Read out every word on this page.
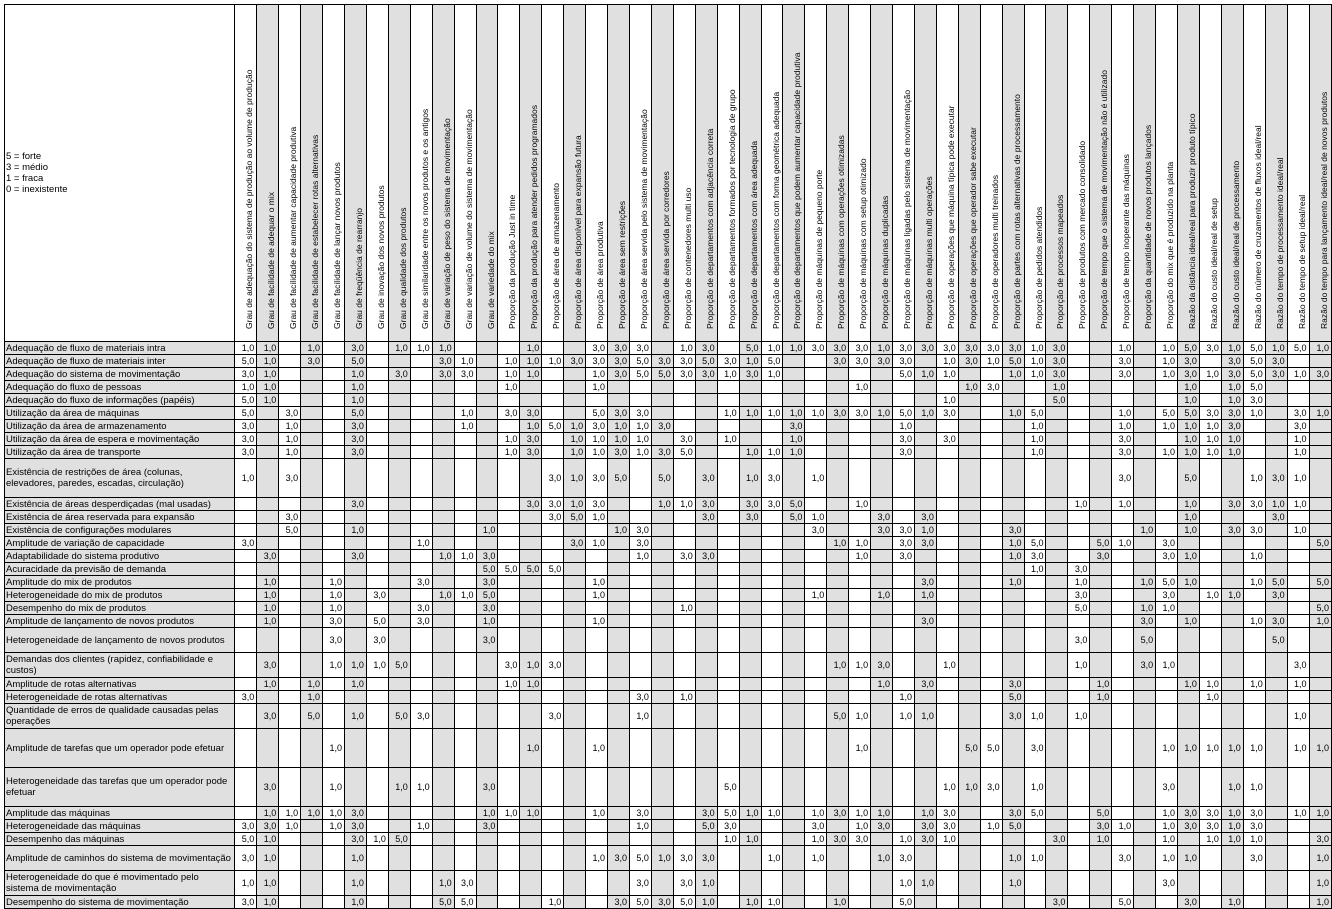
5 = forte
3 = médio
1 = fraca
0 = inexistente	Grau de adequação do sistema de produção ao volume de produção	Grau de facilidade de adequar o mix	Grau de facilidade de aumentar capacidade produtiva	Grau de facilidade de estabelecer rotas alternativas	Grau de facilidade de lançar novos produtos	Grau de freqüência de rearranjo	Grau de inovação dos novos produtos	Grau de qualidade dos produtos	Grau de similaridade entre os novos produtos e os antigos	Grau de variação de peso do sistema de movimentação	Grau de variação de volume do sistema de movimentação	Grau de variedade do mix	Proporção da produção Just in time	Proporção da produção para atender pedidos programados	Proporção de área de armazenamento	Proporção de área disponível para expansão futura	Proporção de área produtiva	Proporção de área sem restrições	Proporção de área servida pelo sistema de movimentação	Proporção de área servida por corredores	Proporção de contenedores multi uso	Proporção de departamentos com adjacência correta	Proporção de departamentos formados por tecnologia de grupo	Proporção de departamentos com área adequada	Proporção de departamentos com forma geométrica adequada	Proporção de departamentos que podem aumentar capacidade produtiva	Proporção de máquinas de pequeno porte	Proporção de máquinas com operações otimizadas	Proporção de máquinas com setup otimizado	Proporção de máquinas duplicadas	Proporção de máquinas ligadas pelo sistema de movimentação	Proporção de máquinas multi operações	Proporção de operações que máquina típica pode executar	Proporção de operações que operador sabe executar	Proporção de operadores multi treinados	Proporção de partes com rotas alternativas de processamento	Proporção de pedidos atendidos	Proporção de processos mapeados	Proporção de produtos com mercado consolidado	Proporção de tempo que o sistema de movimentação não é utilizado	Proporção de tempo inoperante das máquinas	Proporção da quantidade de novos produtos lançados	Proporção do mix que é produzido na planta	Razão da distância ideal/real para produzir produto típico	Razão do custo ideal/real de setup	Razão do custo ideal/real de processamento	Razão do número de cruzamentos de fluxos ideal/real	Razão do tempo de processamento ideal/real	Razão do tempo de setup ideal/real	Razão do tempo para lançamento ideal/real de novos produtos

Adequação de fluxo de materiais intra	1,0	1,0		1,0		3,0		1,0	1,0	1,0				1,0			3,0	3,0	3,0		1,0	3,0		5,0	1,0	1,0	3,0	3,0	3,0	1,0	3,0	3,0	3,0	3,0	3,0	3,0	1,0	3,0			1,0		1,0	5,0	3,0	1,0	5,0	1,0	5,0	1,0
Adequação de fluxo de materiais inter	5,0	1,0		3,0		5,0				3,0	1,0		1,0	1,0	1,0	3,0	3,0	3,0	5,0	3,0	3,0	5,0	3,0	1,0	5,0			3,0	3,0	3,0	3,0		1,0	3,0	1,0	5,0	1,0	3,0			3,0		1,0	3,0		3,0	5,0	3,0		
Adequação do sistema de movimentação	3,0	1,0				1,0		3,0		3,0	3,0		1,0	1,0			1,0	3,0	5,0	5,0	3,0	3,0	1,0	3,0	1,0						5,0	1,0	1,0			1,0	1,0	3,0			3,0		1,0	3,0	1,0	3,0	5,0	3,0	1,0	3,0
Adequação do fluxo de pessoas	1,0	1,0				1,0							1,0				1,0												1,0					1,0	3,0			1,0						1,0		1,0	5,0			
Adequação do fluxo de informações (papéis)	5,0	1,0				1,0																											1,0					5,0						1,0		1,0	3,0			
Utilização da área de máquinas	5,0		3,0			5,0					1,0		3,0	3,0			5,0	3,0	3,0				1,0	1,0	1,0	1,0	1,0	3,0	3,0	1,0	5,0	1,0	3,0			1,0	5,0				1,0		5,0	5,0	3,0	3,0	1,0		3,0	1,0
Utilização da área de armazenamento	3,0		1,0			3,0					1,0			1,0	5,0	1,0	3,0	1,0	1,0	3,0						3,0					1,0						1,0				1,0		1,0	1,0	1,0	3,0			3,0	
Utilização da área de espera e movimentação	3,0		1,0			3,0							1,0	3,0		1,0	1,0	1,0	1,0		3,0		1,0			1,0					3,0		3,0				1,0				3,0			1,0	1,0	1,0			1,0	
Utilização da área de transporte	3,0		1,0			3,0							1,0	3,0		1,0	1,0	3,0	1,0	3,0	5,0			1,0	1,0	1,0					3,0						1,0				3,0		1,0	1,0	1,0	1,0			1,0	
Existência de restrições de área (colunas, elevadores, paredes, escadas, circulação)	1,0		3,0												3,0	1,0	3,0	5,0		5,0		3,0		1,0	3,0		1,0														3,0			5,0			1,0	3,0	1,0	
Existência de áreas desperdiçadas (mal usadas)						3,0								3,0	3,0	1,0	3,0			1,0	1,0	3,0		3,0	3,0	5,0			1,0										1,0		1,0			1,0		3,0	3,0	1,0	1,0	
Existência de área reservada para expansão			3,0												3,0	5,0	1,0					3,0		3,0		5,0	1,0			3,0		3,0												1,0				3,0		
Existência de configurações modulares			5,0			1,0						1,0						1,0	3,0								3,0			3,0	3,0	1,0				3,0						1,0		1,0		3,0	3,0		1,0	
Amplitude de variação de capacidade	3,0								1,0							3,0	1,0		3,0									1,0	1,0		3,0	3,0				1,0	5,0			5,0	1,0		3,0							5,0
Adaptabilidade do sistema produtivo		3,0				3,0				1,0	1,0	3,0							1,0		3,0	3,0							1,0		3,0					1,0	3,0			3,0			3,0	1,0			1,0			
Acuracidade da previsão de demanda												5,0	5,0	5,0	5,0																						1,0		3,0											
Amplitude do mix de produtos		1,0			1,0				3,0			3,0					1,0															3,0				1,0			1,0			1,0	5,0	1,0			1,0	5,0		5,0
Heterogeneidade do mix de produtos		1,0			1,0		3,0			1,0	1,0	5,0					1,0										1,0			1,0		1,0							3,0				3,0		1,0	1,0		3,0		
Desempenho do mix de produtos		1,0			1,0				3,0			3,0									1,0																		5,0			1,0	1,0							5,0
Amplitude de lançamento de novos produtos		1,0			3,0		5,0		3,0			1,0					1,0															3,0										3,0		1,0			1,0	3,0		1,0
Heterogeneidade de lançamento de novos produtos					3,0		3,0					3,0																											3,0			5,0						5,0		
Demandas dos clientes (rapidez, confiabilidade e custos)		3,0			1,0	1,0	1,0	5,0					3,0	1,0	3,0													1,0	1,0	3,0			1,0						1,0			3,0	1,0						3,0	
Amplitude de rotas alternativas		1,0		1,0		1,0							1,0	1,0																1,0		3,0				3,0				1,0				1,0	1,0		1,0		1,0	
Heterogeneidade de rotas alternativas	3,0			1,0															3,0		1,0										1,0					5,0				1,0					1,0					
Quantidade de erros de qualidade causadas pelas operações		3,0		5,0		1,0		5,0	3,0						3,0				1,0									5,0	1,0		1,0	1,0				3,0	1,0		1,0										1,0	
Amplitude de tarefas que um operador pode efetuar					1,0									1,0			1,0												1,0					5,0	5,0		3,0						1,0	1,0	1,0	1,0	1,0		1,0	1,0
Heterogeneidade das tarefas que um operador pode efetuar		3,0			1,0			1,0	1,0			3,0											5,0										1,0	1,0	3,0		1,0						3,0			1,0	1,0			
Amplitude das máquinas		1,0	1,0	1,0	1,0	3,0						1,0	1,0	1,0			1,0		3,0			3,0	5,0	1,0	1,0		1,0	3,0	1,0	1,0		1,0	3,0			3,0	5,0			5,0			1,0	3,0	3,0	1,0	3,0		1,0	1,0
Heterogeneidade das máquinas	3,0	3,0	1,0		1,0	3,0			1,0			3,0							1,0			5,0	3,0				3,0		1,0	3,0		3,0	3,0		1,0	5,0				3,0	1,0		1,0	3,0	3,0	1,0	3,0			
Desempenho das máquinas	5,0	1,0				3,0	1,0	5,0															1,0	1,0			1,0	3,0	3,0		1,0	3,0	1,0					3,0		1,0			1,0		1,0	1,0	1,0			3,0
Amplitude de caminhos do sistema de movimentação	3,0	1,0				1,0											1,0	3,0	5,0	1,0	3,0	3,0			1,0		1,0			1,0	3,0					1,0	1,0				3,0		1,0	1,0			3,0			1,0
Heterogeneidade do que é movimentado pelo sistema de movimentação	1,0	1,0				1,0				1,0	3,0								3,0		3,0	1,0									1,0	1,0				1,0							3,0							1,0
Desempenho do sistema de movimentação	3,0	1,0				1,0				5,0	5,0				1,0			3,0	5,0	3,0	5,0	1,0		1,0	1,0			1,0			5,0							3,0			5,0			3,0		1,0				1,0
